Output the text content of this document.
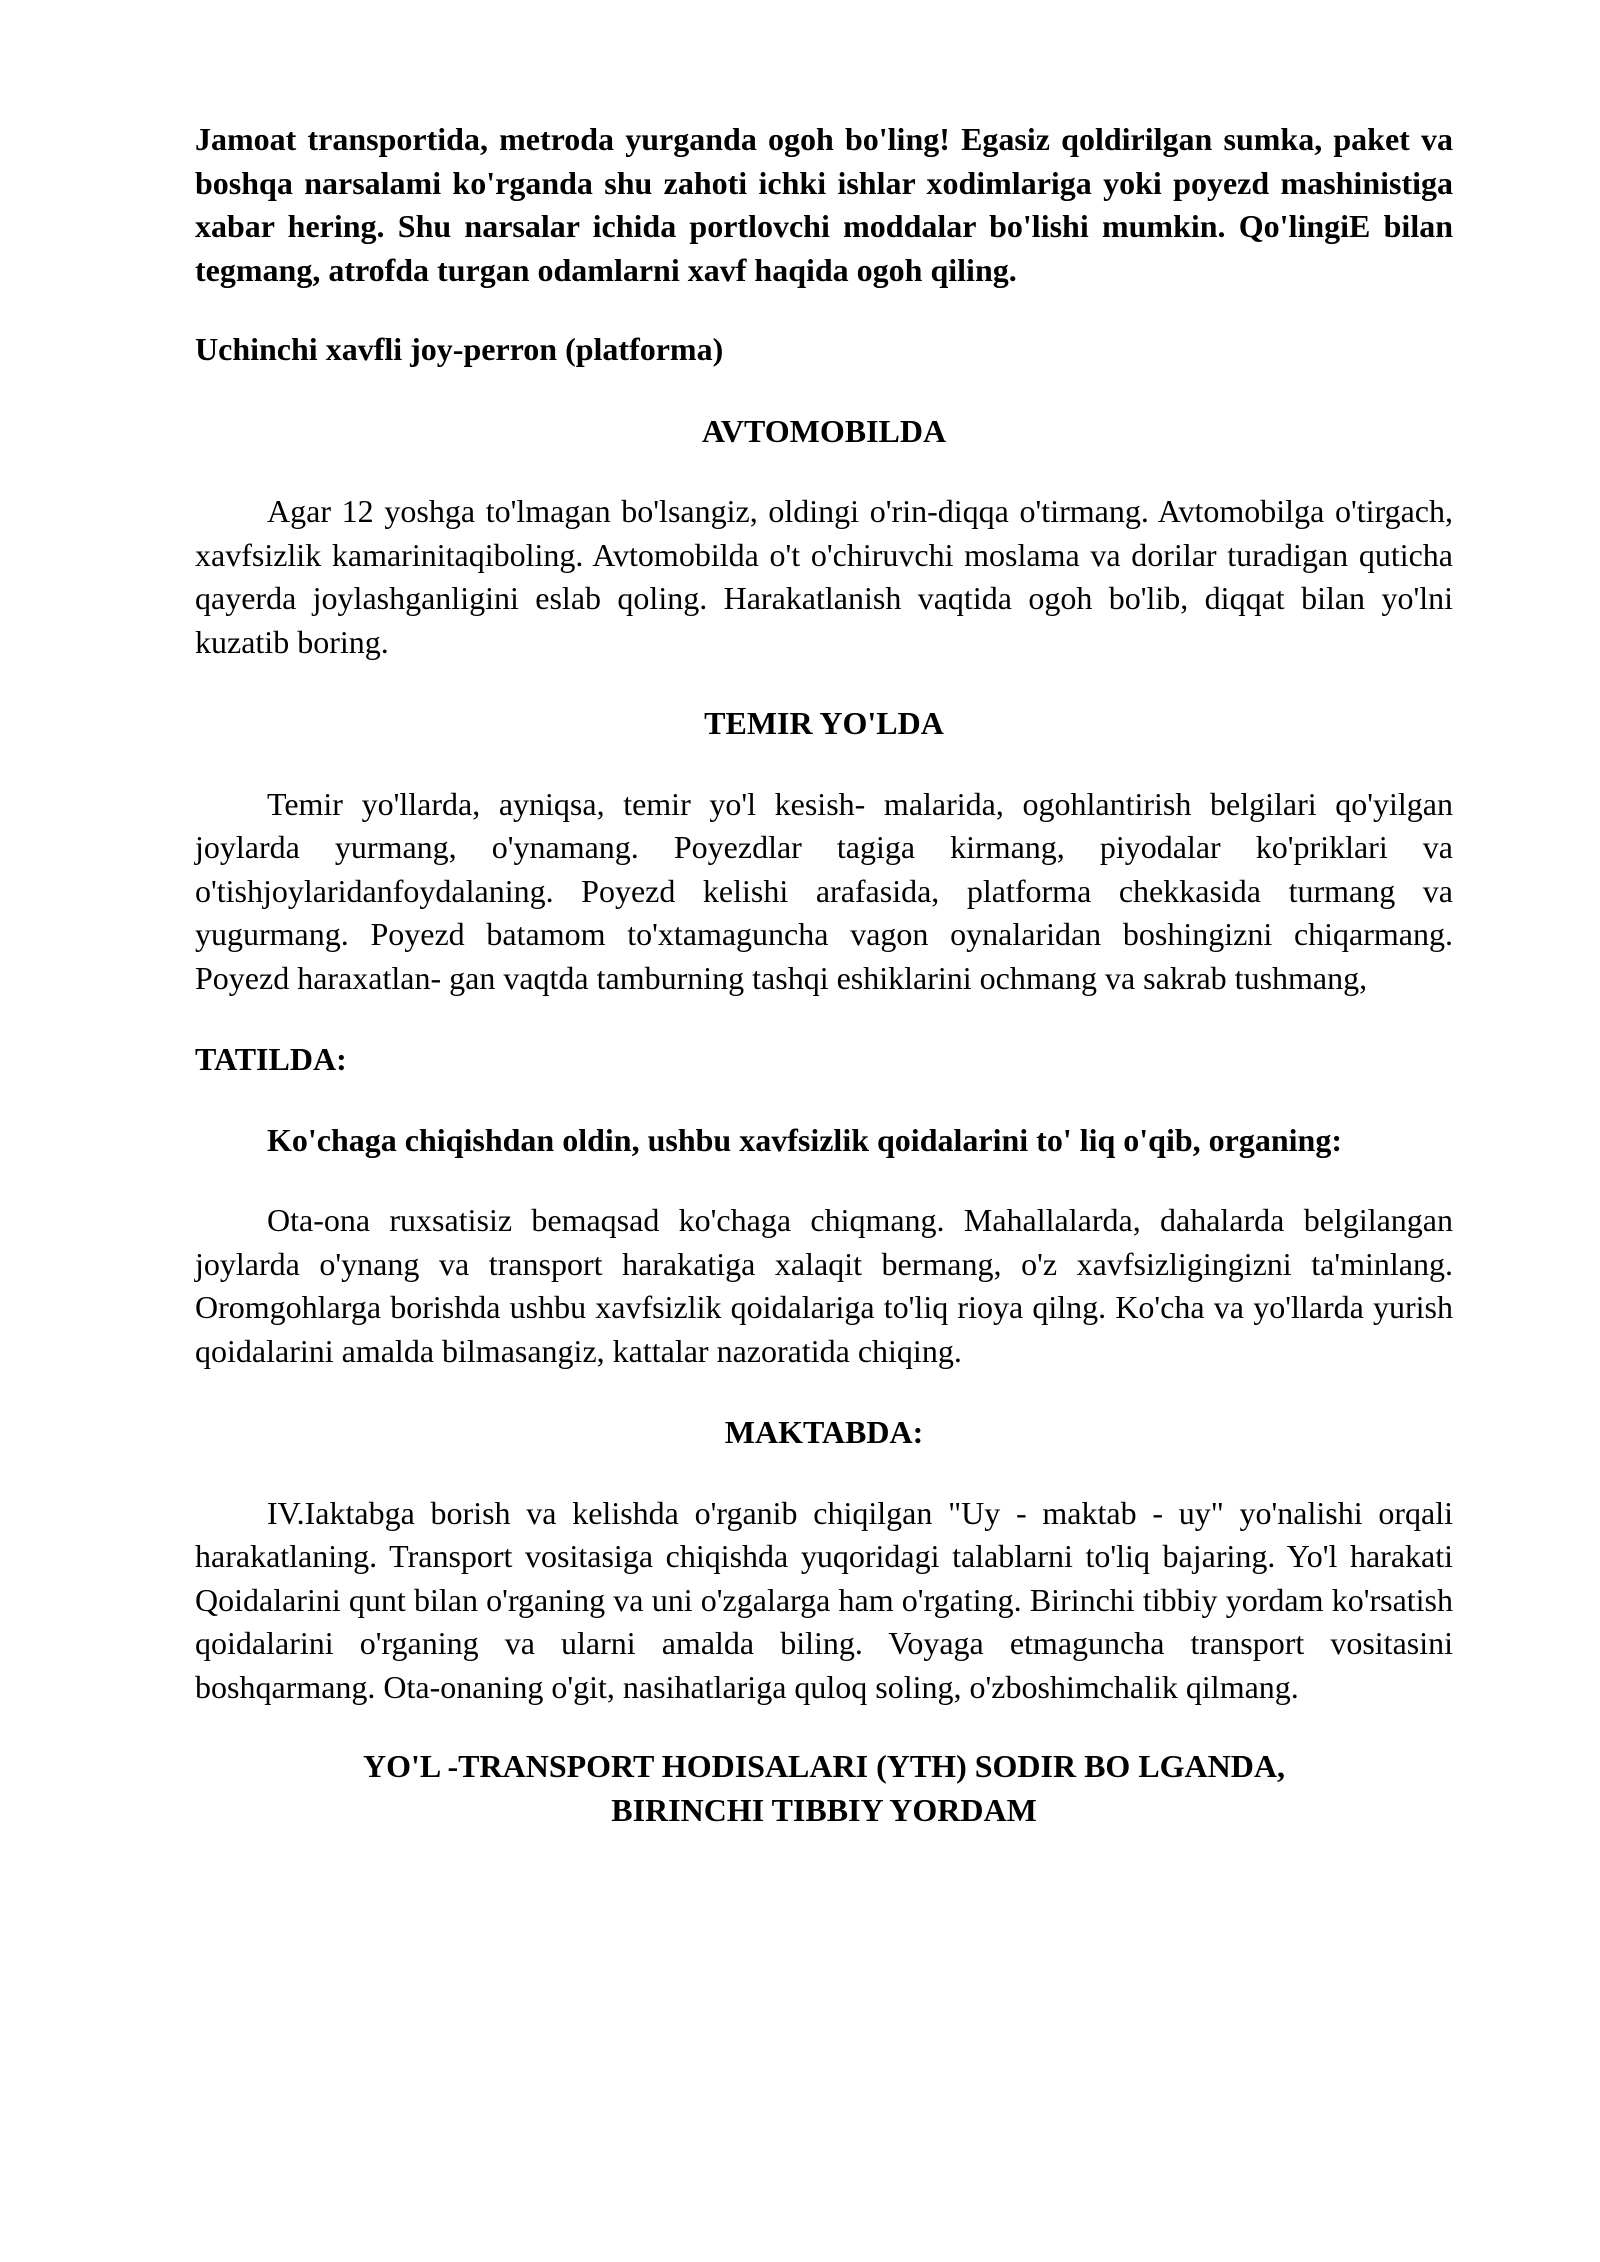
Jamoat transportida, metroda yurganda ogoh bo'ling! Egasiz qoldirilgan sumka, paket va boshqa narsalami ko'rganda shu zahoti ichki ishlar xodimlariga yoki poyezd mashinistiga xabar hering. Shu narsalar ichida portlovchi moddalar bo'lishi mumkin. Qo'lingiE bilan tegmang, atrofda turgan odamlarni xavf haqida ogoh qiling.

Uchinchi xavfli joy-perron (platforma)

AVTOMOBILDA

Agar 12 yoshga to'lmagan bo'lsangiz, oldingi o'rin-diqqa o'tirmang. Avtomobilga o'tirgach, xavfsizlik kamarinitaqiboling. Avtomobilda o't o'chiruvchi moslama va dorilar turadigan quticha qayerda joylashganligini eslab qoling. Harakatlanish vaqtida ogoh bo'lib, diqqat bilan yo'lni kuzatib boring.

TEMIR YO'LDA

Temir yo'llarda, ayniqsa, temir yo'l kesish- malarida, ogohlantirish belgilari qo'yilgan joylarda yurmang, o'ynamang. Poyezdlar tagiga kirmang, piyodalar ko'priklari va o'tishjoylaridanfoydalaning. Poyezd kelishi arafasida, platforma chekkasida turmang va yugurmang. Poyezd batamom to'xtamaguncha vagon oynalaridan boshingizni chiqarmang. Poyezd haraxatlan- gan vaqtda tamburning tashqi eshiklarini ochmang va sakrab tushmang,

TATILDA:

Ko'chaga chiqishdan oldin, ushbu xavfsizlik qoidalarini to' liq o'qib, organing:

Ota-ona ruxsatisiz bemaqsad ko'chaga chiqmang. Mahallalarda, dahalarda belgilangan joylarda o'ynang va transport harakatiga xalaqit bermang, o'z xavfsizligingizni ta'minlang. Oromgohlarga borishda ushbu xavfsizlik qoidalariga to'liq rioya qilng. Ko'cha va yo'llarda yurish qoidalarini amalda bilmasangiz, kattalar nazoratida chiqing.

MAKTABDA:

IV.Iaktabga borish va kelishda o'rganib chiqilgan "Uy - maktab - uy" yo'nalishi orqali harakatlaning. Transport vositasiga chiqishda yuqoridagi talablarni to'liq bajaring. Yo'l harakati Qoidalarini qunt bilan o'rganing va uni o'zgalarga ham o'rgating. Birinchi tibbiy yordam ko'rsatish qoidalarini o'rganing va ularni amalda biling. Voyaga etmaguncha transport vositasini boshqarmang. Ota-onaning o'git, nasihatlariga quloq soling, o'zboshimchalik qilmang.

YO'L -TRANSPORT HODISALARI (YTH) SODIR BO LGANDA,
BIRINCHI TIBBIY YORDAM
